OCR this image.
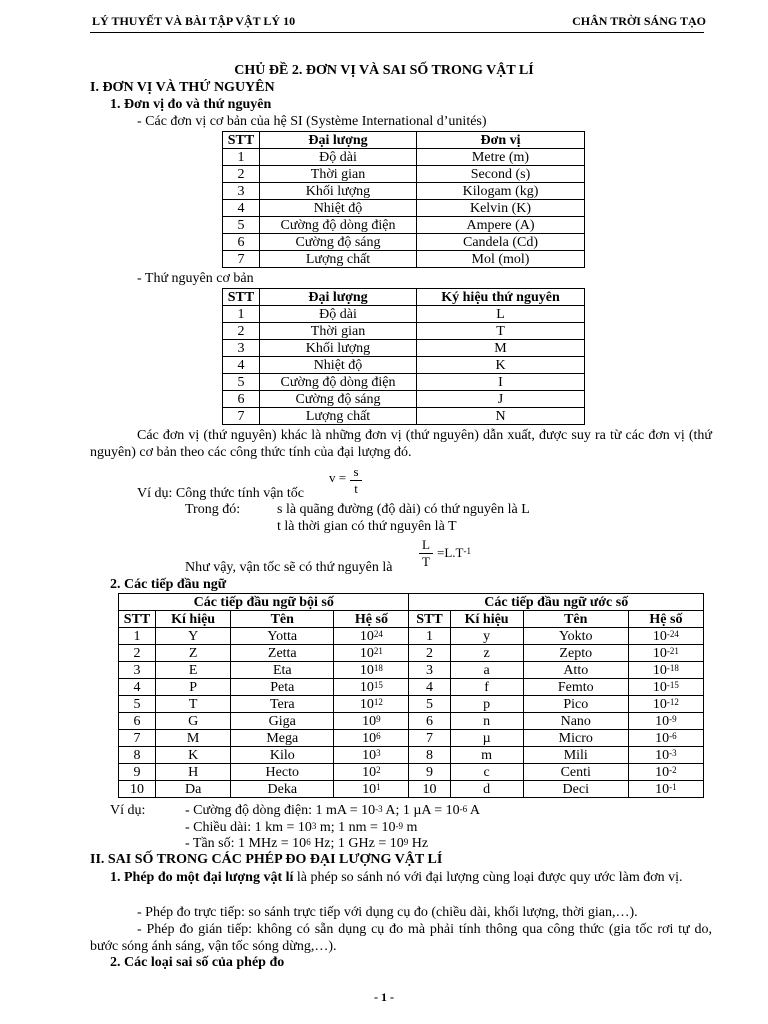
LÝ THUYẾT VÀ BÀI TẬP VẬT LÝ 10	CHÂN TRỜI SÁNG TẠO
CHỦ ĐỀ 2. ĐƠN VỊ VÀ SAI SỐ TRONG VẬT LÍ
I. ĐƠN VỊ VÀ THỨ NGUYÊN
1. Đơn vị đo và thứ nguyên
- Các đơn vị cơ bản của hệ SI (Système International d’unités)
STT	Đại lượng	Đơn vị
1	Độ dài	Metre (m)
2	Thời gian	Second (s)
3	Khối lượng	Kilogam (kg)
4	Nhiệt độ	Kelvin (K)
5	Cường độ dòng điện	Ampere (A)
6	Cường độ sáng	Candela (Cd)
7	Lượng chất	Mol (mol)
- Thứ nguyên cơ bản
STT	Đại lượng	Ký hiệu thứ nguyên
1	Độ dài	L
2	Thời gian	T
3	Khối lượng	M
4	Nhiệt độ	K
5	Cường độ dòng điện	I
6	Cường độ sáng	J
7	Lượng chất	N
Các đơn vị (thứ nguyên) khác là những đơn vị (thứ nguyên) dẫn xuất, được suy ra từ các đơn vị (thứ nguyên) cơ bản theo các công thức tính của đại lượng đó.
Ví dụ: Công thức tính vận tốc
$v = \frac{s}{t}$
Trong đó:	s là quãng đường (độ dài) có thứ nguyên là L
t là thời gian có thứ nguyên là T
Như vậy, vận tốc sẽ có thứ nguyên là $\frac{L}{T} =L.T^{-1}$
2. Các tiếp đầu ngữ
Các tiếp đầu ngữ bội số				Các tiếp đầu ngữ ước số			
STT	Kí hiệu	Tên	Hệ số	STT	Kí hiệu	Tên	Hệ số
1	Y	Yotta	$10^{24}$	1	y	Yokto	$10^{-24}$
2	Z	Zetta	$10^{21}$	2	z	Zepto	$10^{-21}$
3	E	Eta	$10^{18}$	3	a	Atto	$10^{-18}$
4	P	Peta	$10^{15}$	4	f	Femto	$10^{-15}$
5	T	Tera	$10^{12}$	5	p	Pico	$10^{-12}$
6	G	Giga	$10^9$	6	n	Nano	$10^{-9}$
7	M	Mega	$10^6$	7	µ	Micro	$10^{-6}$
8	K	Kilo	$10^3$	8	m	Mili	$10^{-3}$
9	H	Hecto	$10^2$	9	c	Centi	$10^{-2}$
10	Da	Deka	$10^1$	10	d	Deci	$10^{-1}$
Ví dụ:	- Cường độ dòng điện: 1 mA = $10^{-3}$ A; 1 $\mu A = 10^{-6}$ A
- Chiều dài: 1 km = $10^3$ m; 1 nm = $10^{-9}$ m
- Tần số: 1 MHz = $10^6$ Hz; 1 GHz = $10^9$ Hz
II. SAI SỐ TRONG CÁC PHÉP ĐO ĐẠI LƯỢNG VẬT LÍ
1. Phép đo một đại lượng vật lí là phép so sánh nó với đại lượng cùng loại được quy ước làm đơn vị.
- Phép đo trực tiếp: so sánh trực tiếp với dụng cụ đo (chiều dài, khối lượng, thời gian,…).
- Phép đo gián tiếp: không có sẵn dụng cụ đo mà phải tính thông qua công thức (gia tốc rơi tự do, bước sóng ánh sáng, vận tốc sóng dừng,…).
2. Các loại sai số của phép đo
- 1 -
